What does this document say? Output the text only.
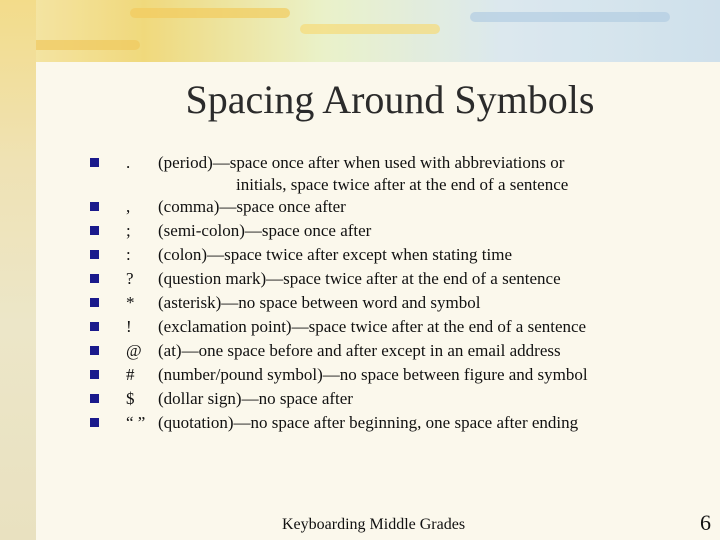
Spacing Around Symbols
. (period)—space once after when used with abbreviations or
initials, space twice after at the end of a sentence
, (comma)—space once after
; (semi-colon)—space once after
: (colon)—space twice after except when stating time
? (question mark)—space twice after at the end of a sentence
* (asterisk)—no space between word and symbol
! (exclamation point)—space twice after at the end of a sentence
@ (at)—one space before and after except in an email address
# (number/pound symbol)—no space between figure and symbol
$ (dollar sign)—no space after
“ ” (quotation)—no space after beginning, one space after ending
Keyboarding Middle Grades	6
